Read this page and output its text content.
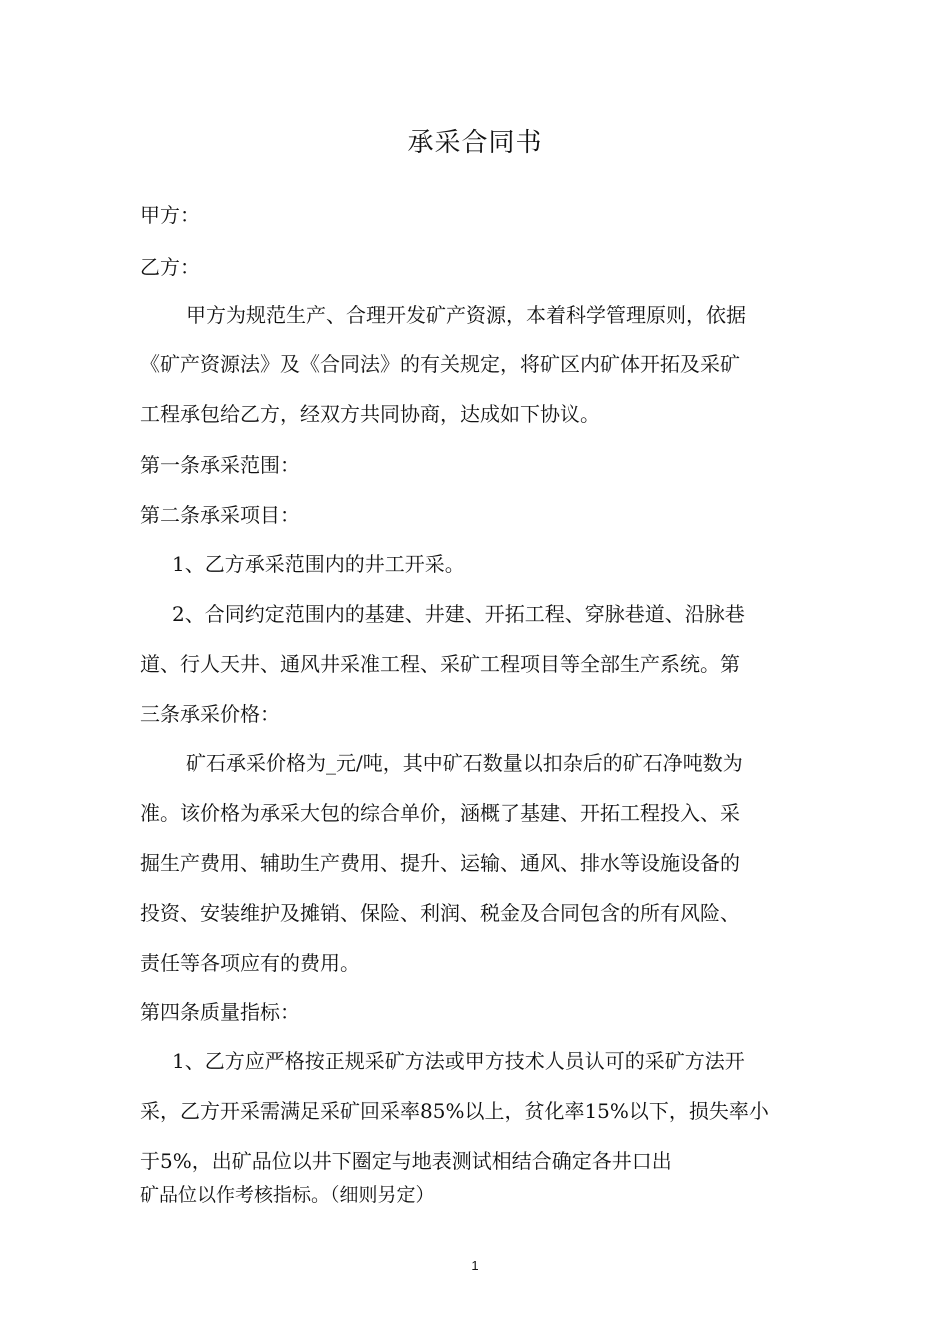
承采合同书
甲方：
乙方：
甲方为规范生产、合理开发矿产资源，本着科学管理原则，依据
《矿产资源法》及《合同法》的有关规定，将矿区内矿体开拓及采矿
工程承包给乙方，经双方共同协商，达成如下协议。
第一条承采范围：
第二条承采项目：
1、乙方承采范围内的井工开采。
2、合同约定范围内的基建、井建、开拓工程、穿脉巷道、沿脉巷
道、行人天井、通风井采准工程、采矿工程项目等全部生产系统。第
三条承采价格：
矿石承采价格为_元/吨，其中矿石数量以扣杂后的矿石净吨数为
准。该价格为承采大包的综合单价，涵概了基建、开拓工程投入、采
掘生产费用、辅助生产费用、提升、运输、通风、排水等设施设备的
投资、安装维护及摊销、保险、利润、税金及合同包含的所有风险、
责任等各项应有的费用。
第四条质量指标：
1、乙方应严格按正规采矿方法或甲方技术人员认可的采矿方法开
采，乙方开采需满足采矿回采率85%以上，贫化率15%以下，损失率小
于5%，出矿品位以井下圈定与地表测试相结合确定各井口出
矿品位以作考核指标。（细则另定）
1
